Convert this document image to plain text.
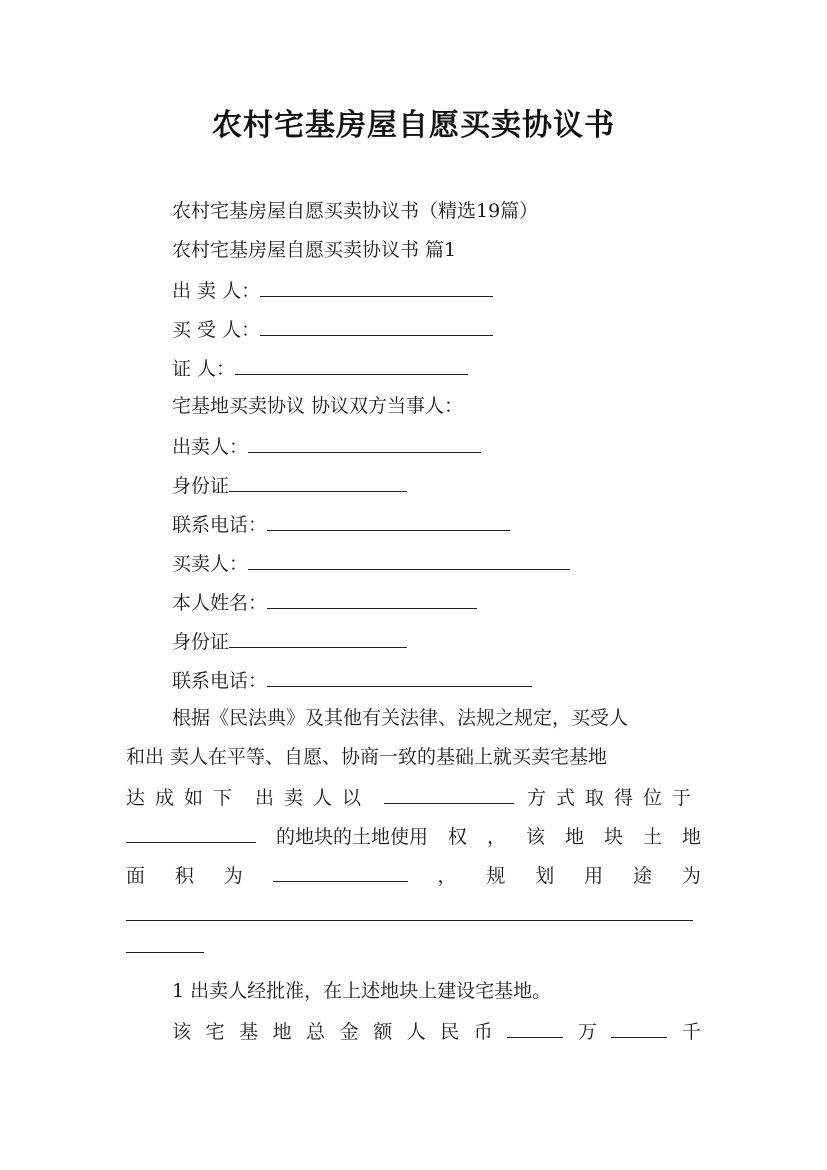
农村宅基房屋自愿买卖协议书
农村宅基房屋自愿买卖协议书（精选19篇）
农村宅基房屋自愿买卖协议书 篇1
出 卖 人：
买 受 人：
证 人：
宅基地买卖协议 协议双方当事人：
出卖人：
身份证
联系电话：
买卖人：
本人姓名：
身份证
联系电话：
根据《民法典》及其他有关法律、法规之规定，买受人
和出 卖人在平等、自愿、协商一致的基础上就买卖宅基地
达成如下 出卖人以	方式取得位于
的地块的土地使用 权 ， 该 地 块 土 地
面 积 为	， 规 划 用 途 为
1 出卖人经批准，在上述地块上建设宅基地。
该 宅 基 地 总 金 额 人 民 币	万	千
